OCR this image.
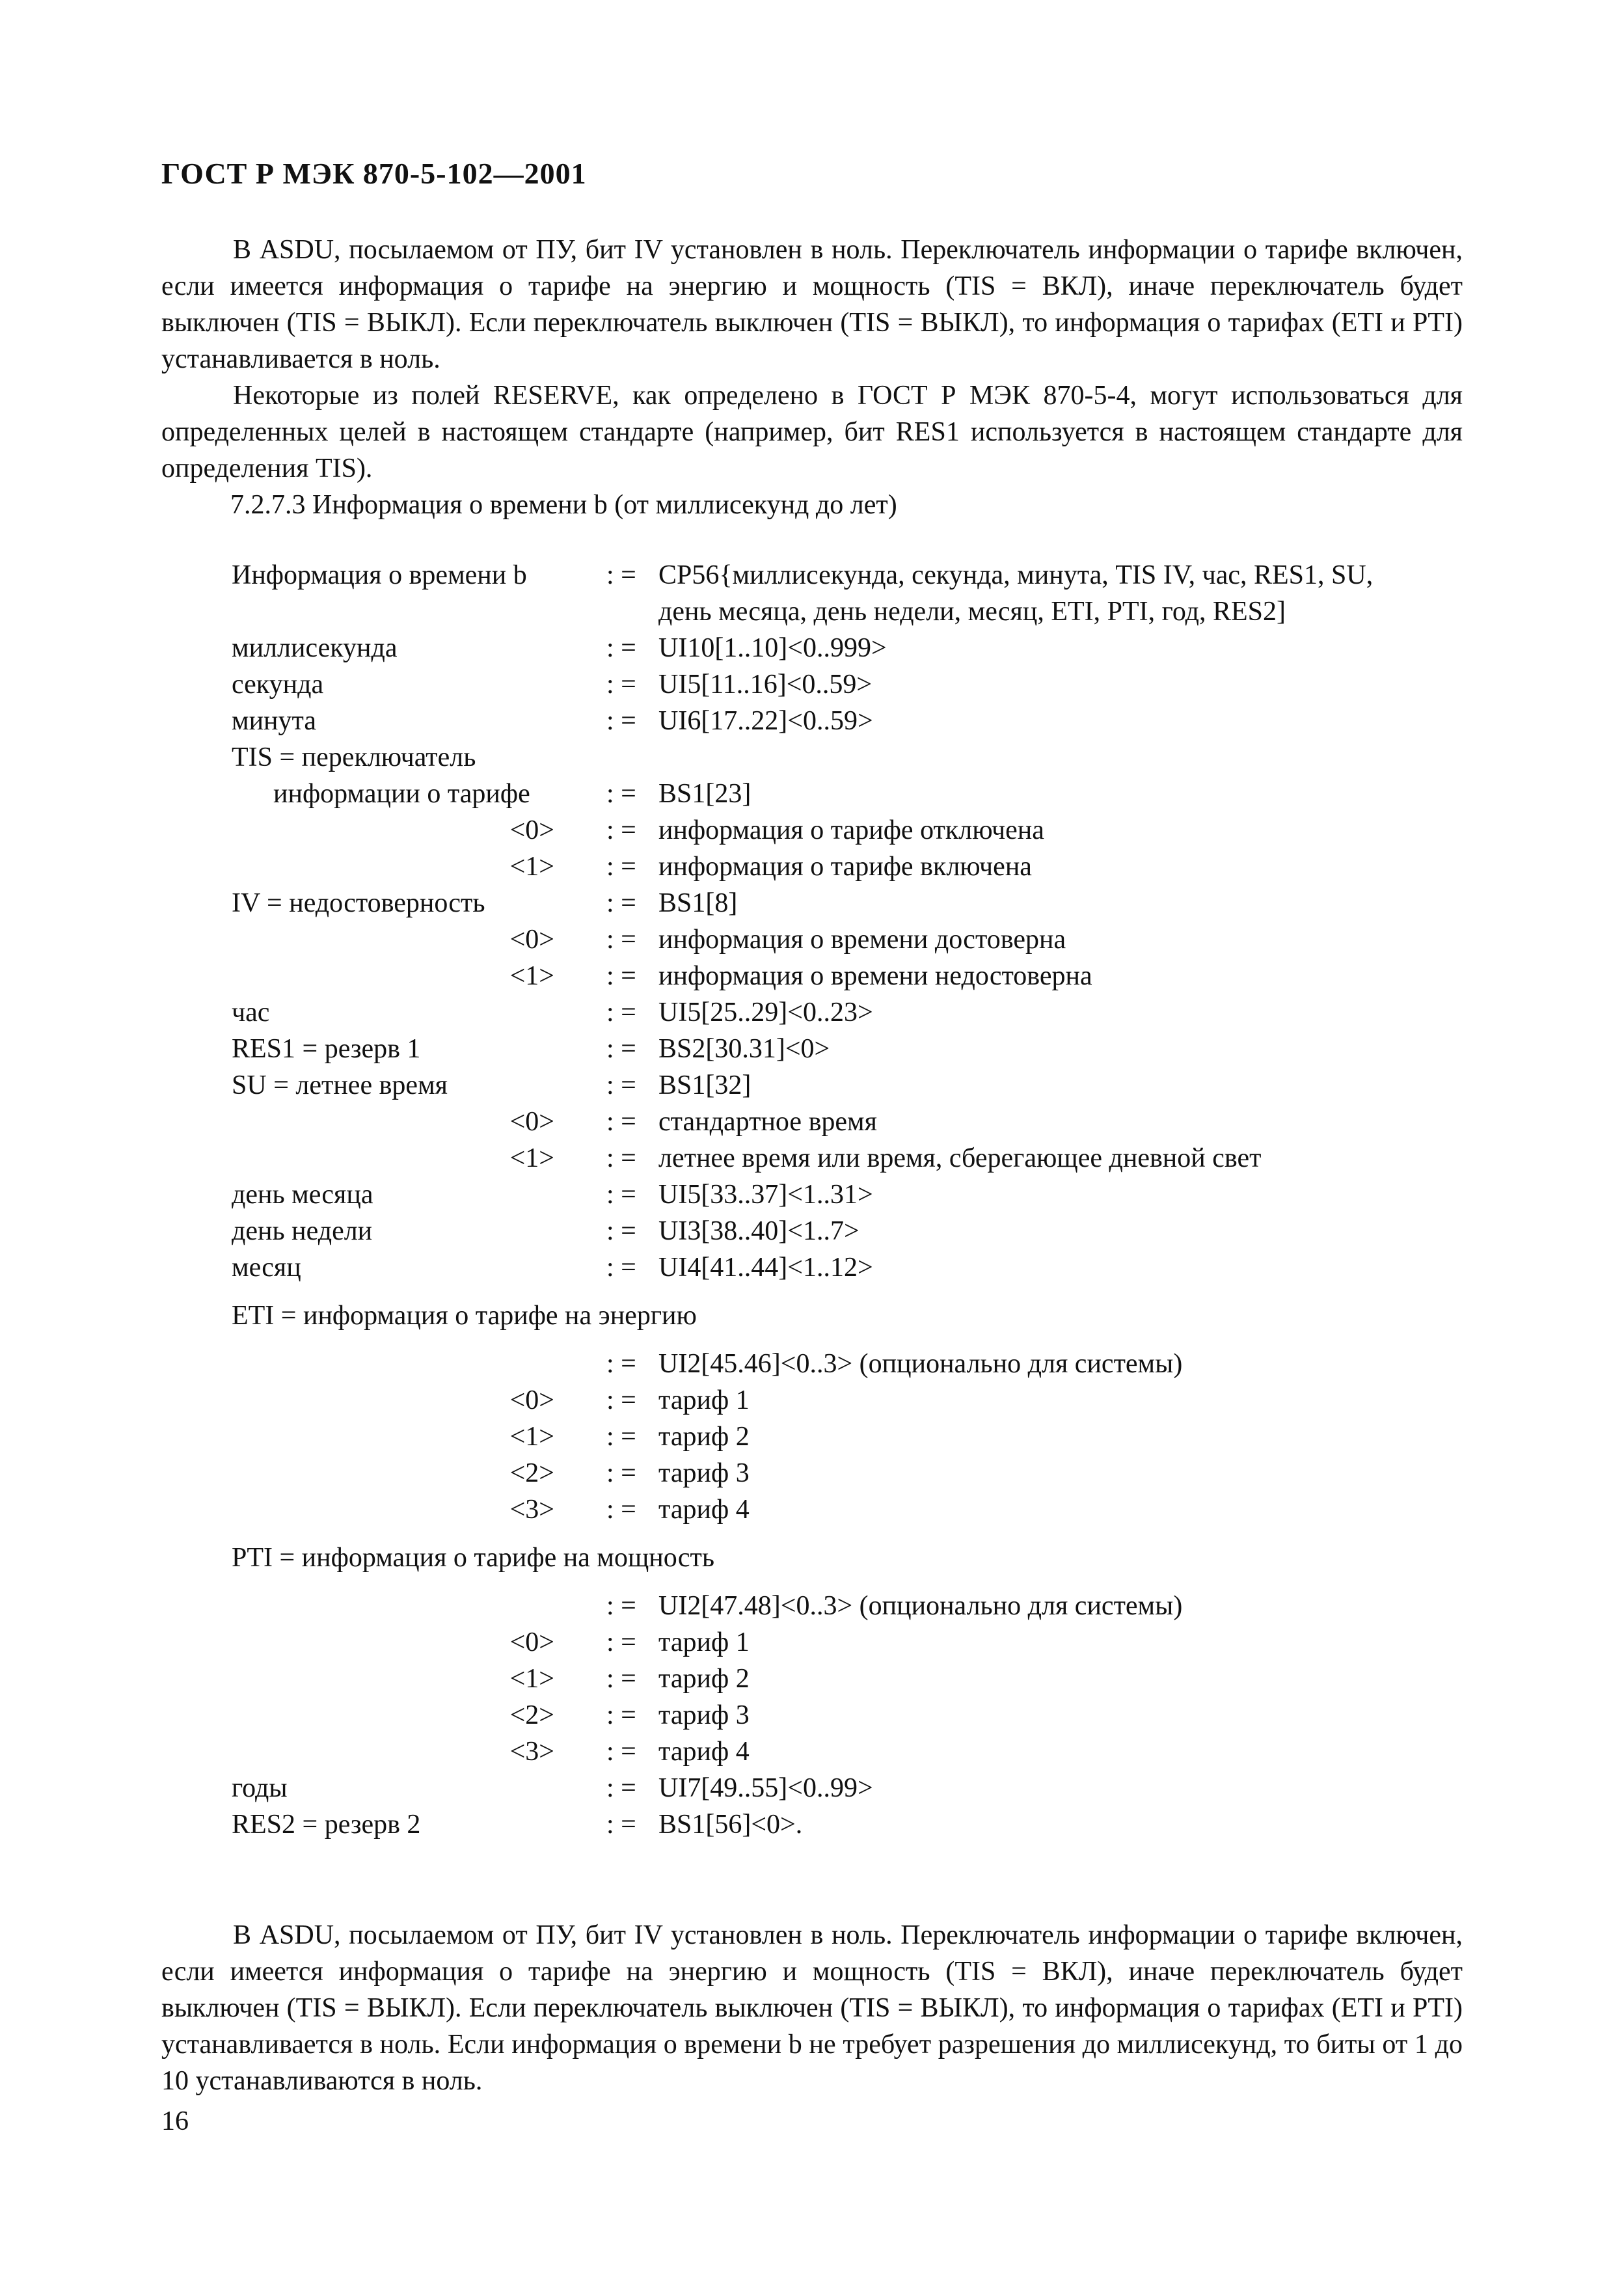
ГОСТ Р МЭК 870-5-102—2001

В ASDU, посылаемом от ПУ, бит IV установлен в ноль. Переключатель информации о тарифе включен, если имеется информация о тарифе на энергию и мощность (TIS = ВКЛ), иначе переключатель будет выключен (TIS = ВЫКЛ). Если переключатель выключен (TIS = ВЫКЛ), то информация о тарифах (ETI и PTI) устанавливается в ноль.

Некоторые из полей RESERVE, как определено в ГОСТ Р МЭК 870-5-4, могут использоваться для определенных целей в настоящем стандарте (например, бит RES1 используется в настоящем стандарте для определения TIS).

7.2.7.3 Информация о времени b (от миллисекунд до лет)
Информация о времени b	: = CP56{миллисекунда, секунда, минута, TIS IV, час, RES1, SU,
день месяца, день недели, месяц, ETI, PTI, год, RES2]
миллисекунда	: = UI10[1..10]<0..999>
секунда	: = UI5[11..16]<0..59>
минута	: = UI6[17..22]<0..59>
TIS = переключатель
информации о тарифе	: = BS1[23]
<0> : = информация о тарифе отключена
<1> : = информация о тарифе включена
IV = недостоверность	: = BS1[8]
<0> : = информация о времени достоверна
<1> : = информация о времени недостоверна
час	: = UI5[25..29]<0..23>
RES1 = резерв 1	: = BS2[30.31]<0>
SU = летнее время	: = BS1[32]
<0> : = стандартное время
<1> : = летнее время или время, сберегающее дневной свет
день месяца	: = UI5[33..37]<1..31>
день недели	: = UI3[38..40]<1..7>
месяц	: = UI4[41..44]<1..12>
ETI = информация о тарифе на энергию
: = UI2[45.46]<0..3> (опционально для системы)
<0> : = тариф 1
<1> : = тариф 2
<2> : = тариф 3
<3> : = тариф 4
PTI = информация о тарифе на мощность
: = UI2[47.48]<0..3> (опционально для системы)
<0> : = тариф 1
<1> : = тариф 2
<2> : = тариф 3
<3> : = тариф 4
годы	: = UI7[49..55]<0..99>
RES2 = резерв 2	: = BS1[56]<0>.

В ASDU, посылаемом от ПУ, бит IV установлен в ноль. Переключатель информации о тарифе включен, если имеется информация о тарифе на энергию и мощность (TIS = ВКЛ), иначе переключатель будет выключен (TIS = ВЫКЛ). Если переключатель выключен (TIS = ВЫКЛ), то информация о тарифах (ETI и PTI) устанавливается в ноль. Если информация о времени b не требует разрешения до миллисекунд, то биты от 1 до 10 устанавливаются в ноль.

16
